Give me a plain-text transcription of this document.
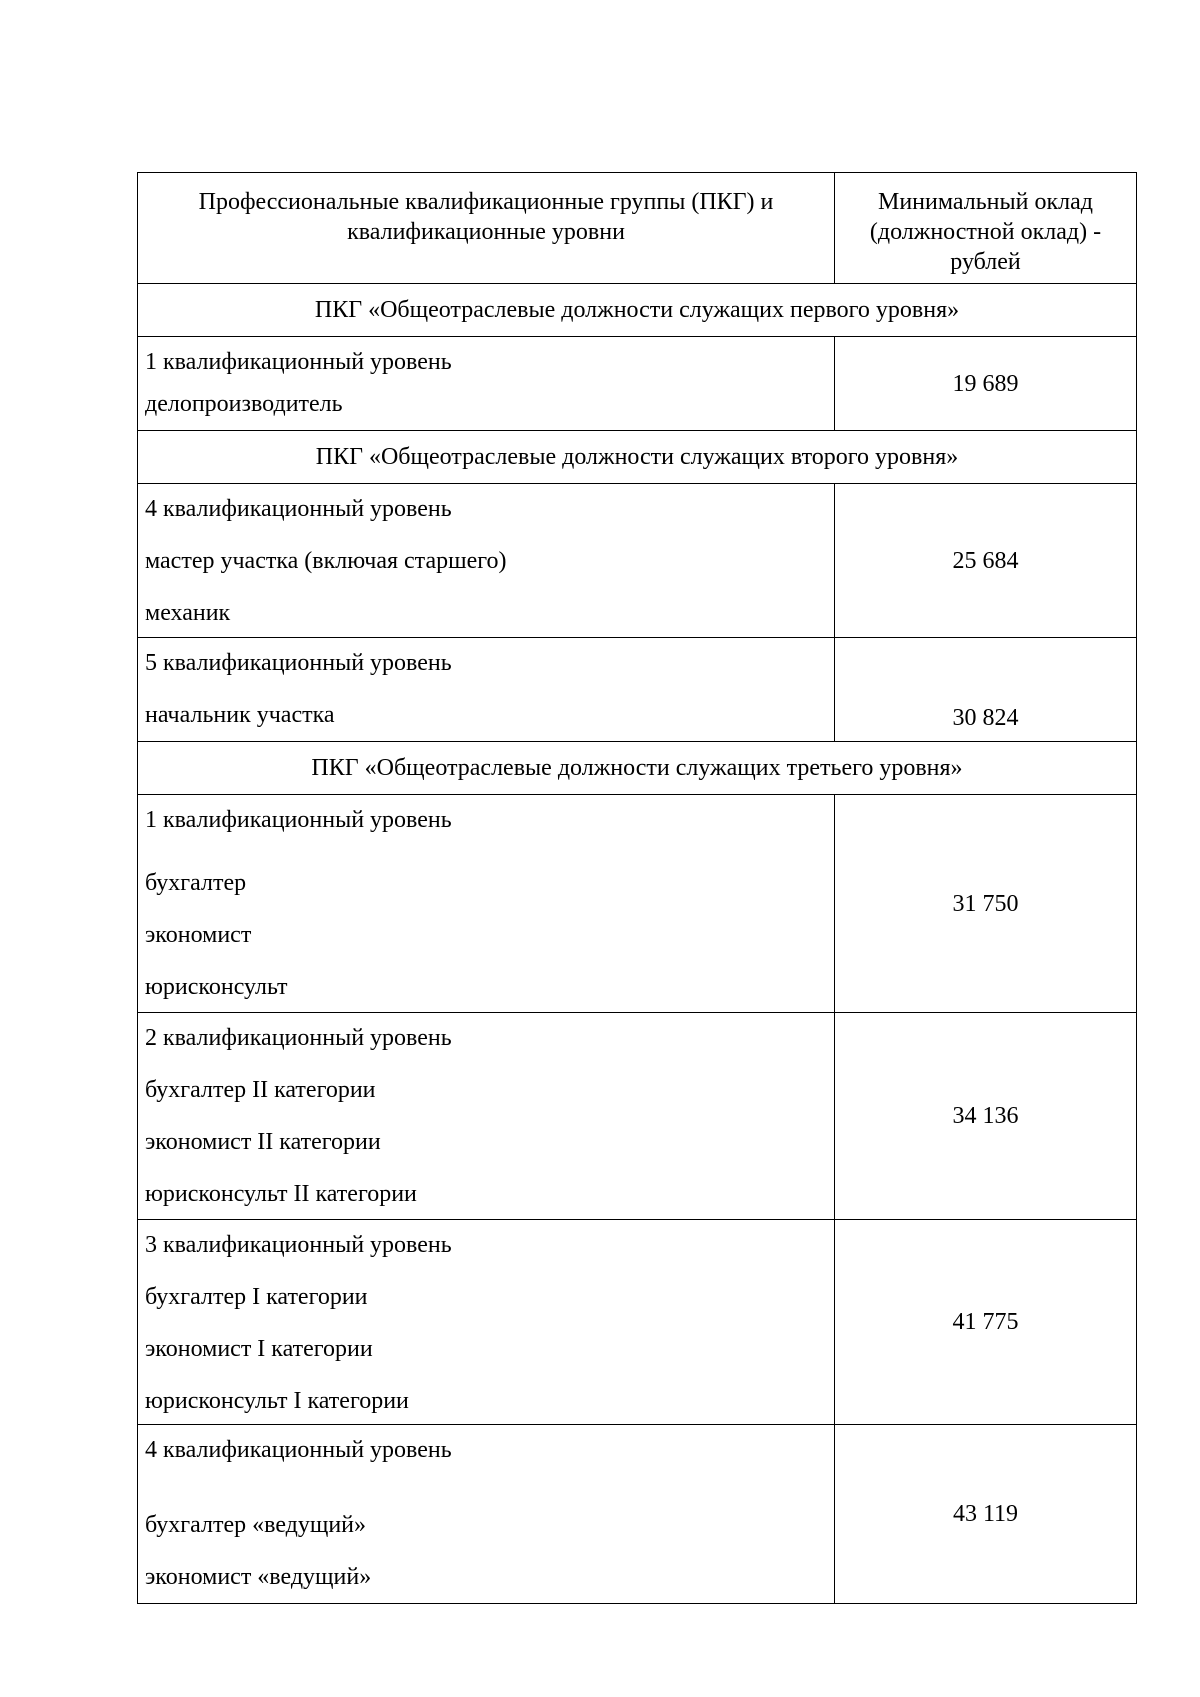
Профессиональные квалификационные группы (ПКГ) и
квалификационные уровни	Минимальный оклад
(должностной оклад) -
рублей

ПКГ «Общеотраслевые должности служащих первого уровня»	

1 квалификационный уровень
делопроизводитель	19 689
ПКГ «Общеотраслевые должности служащих второго уровня»	

4 квалификационный уровень
мастер участка (включая старшего)
механик	25 684

5 квалификационный уровень
начальник участка	30 824
ПКГ «Общеотраслевые должности служащих третьего уровня»	

1 квалификационный уровень
бухгалтер
экономист
юрисконсульт	31 750

2 квалификационный уровень
бухгалтер II категории
экономист II категории
юрисконсульт II категории	34 136

3 квалификационный уровень
бухгалтер I категории
экономист I категории
юрисконсульт I категории	41 775

4 квалификационный уровень
бухгалтер «ведущий»
экономист «ведущий»	43 119
